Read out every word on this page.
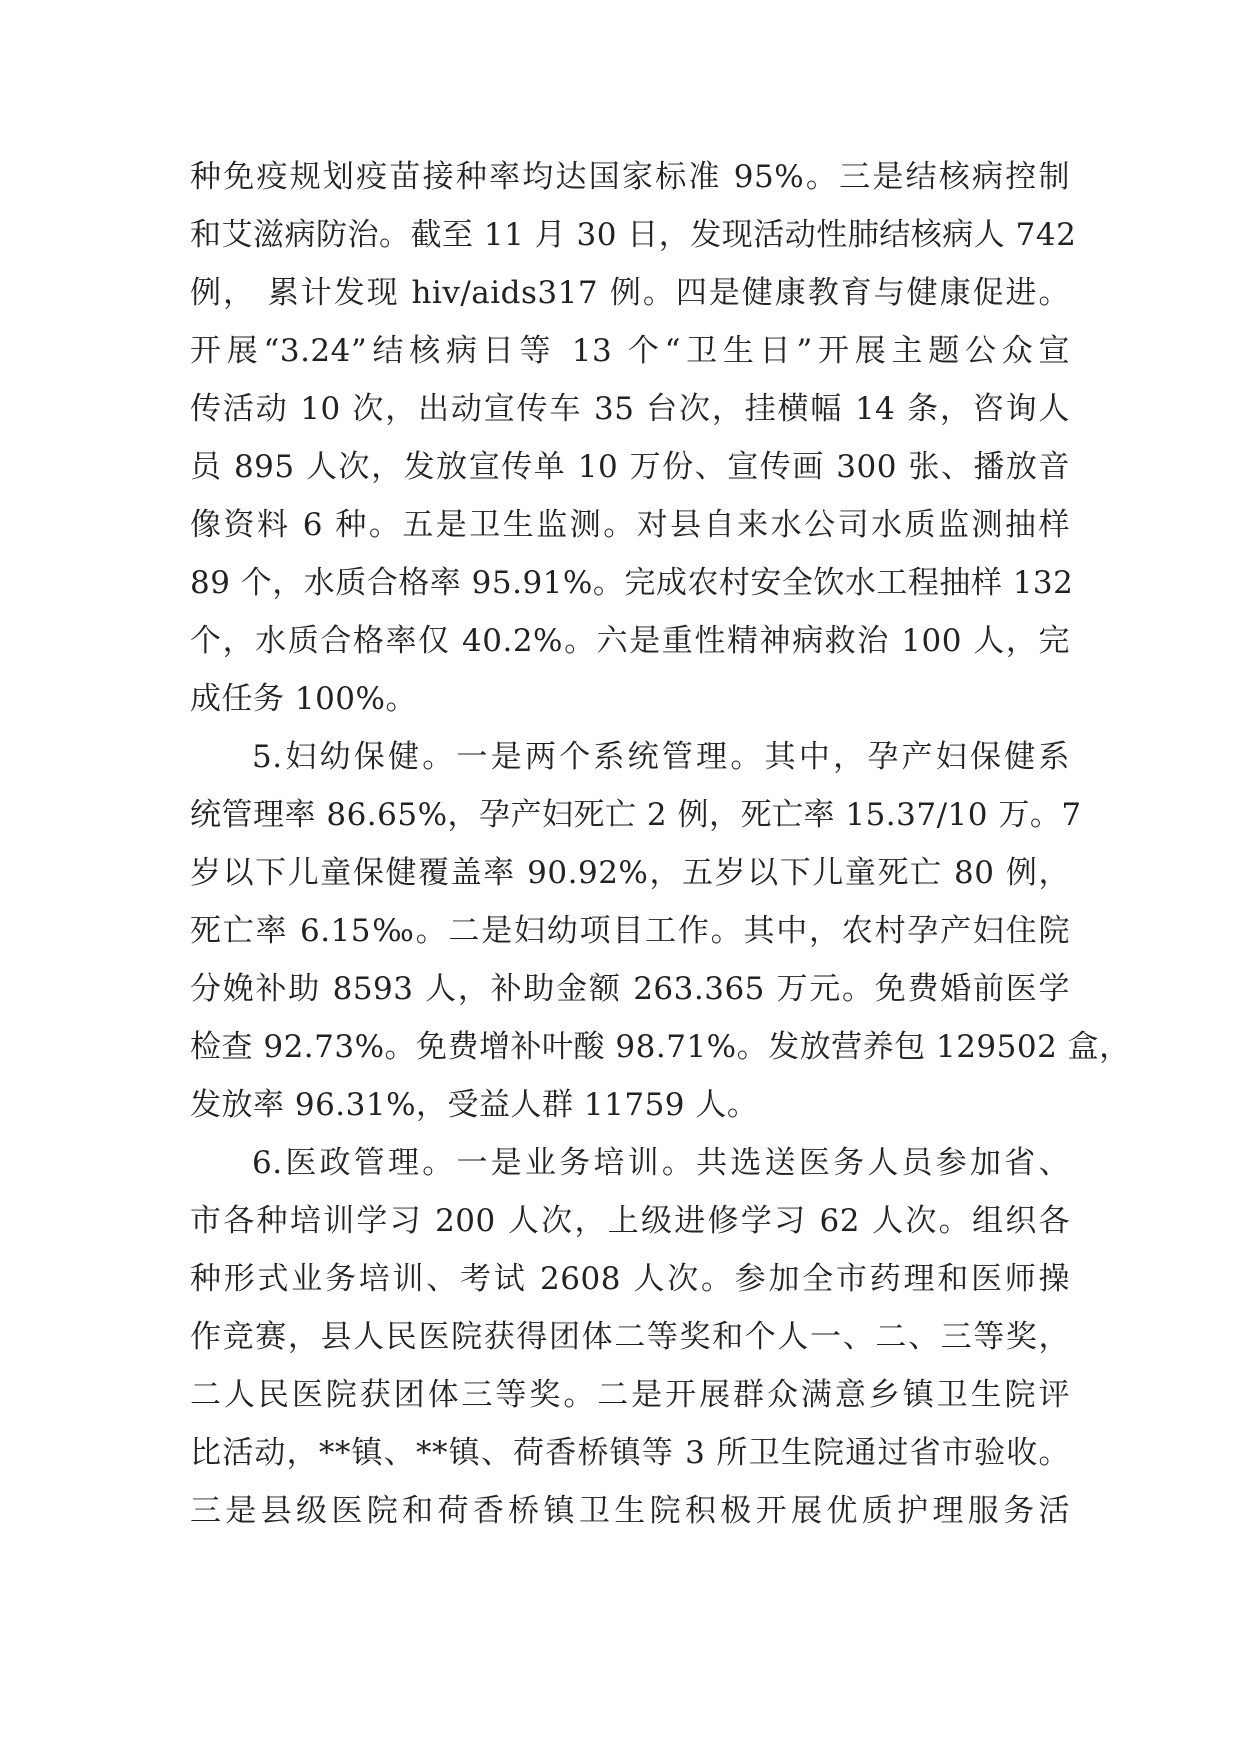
种免疫规划疫苗接种率均达国家标准 95%。三是结核病控制
和艾滋病防治。截至 11 月 30 日，发现活动性肺结核病人 742
例， 累计发现 hiv/aids317 例。四是健康教育与健康促进。
开展“3.24”结核病日等 13 个“卫生日”开展主题公众宣
传活动 10 次，出动宣传车 35 台次，挂横幅 14 条，咨询人
员 895 人次，发放宣传单 10 万份、宣传画 300 张、播放音
像资料 6 种。五是卫生监测。对县自来水公司水质监测抽样
89 个，水质合格率 95.91%。完成农村安全饮水工程抽样 132
个，水质合格率仅 40.2%。六是重性精神病救治 100 人，完
成任务 100%。
5.妇幼保健。一是两个系统管理。其中，孕产妇保健系
统管理率 86.65%，孕产妇死亡 2 例，死亡率 15.37/10 万。7
岁以下儿童保健覆盖率 90.92%，五岁以下儿童死亡 80 例，
死亡率 6.15‰。二是妇幼项目工作。其中，农村孕产妇住院
分娩补助 8593 人，补助金额 263.365 万元。免费婚前医学
检查 92.73%。免费增补叶酸 98.71%。发放营养包 129502 盒，
发放率 96.31%，受益人群 11759 人。
6.医政管理。一是业务培训。共选送医务人员参加省、
市各种培训学习 200 人次，上级进修学习 62 人次。组织各
种形式业务培训、考试 2608 人次。参加全市药理和医师操
作竞赛，县人民医院获得团体二等奖和个人一、二、三等奖，
二人民医院获团体三等奖。二是开展群众满意乡镇卫生院评
比活动，**镇、**镇、荷香桥镇等 3 所卫生院通过省市验收。
三是县级医院和荷香桥镇卫生院积极开展优质护理服务活
